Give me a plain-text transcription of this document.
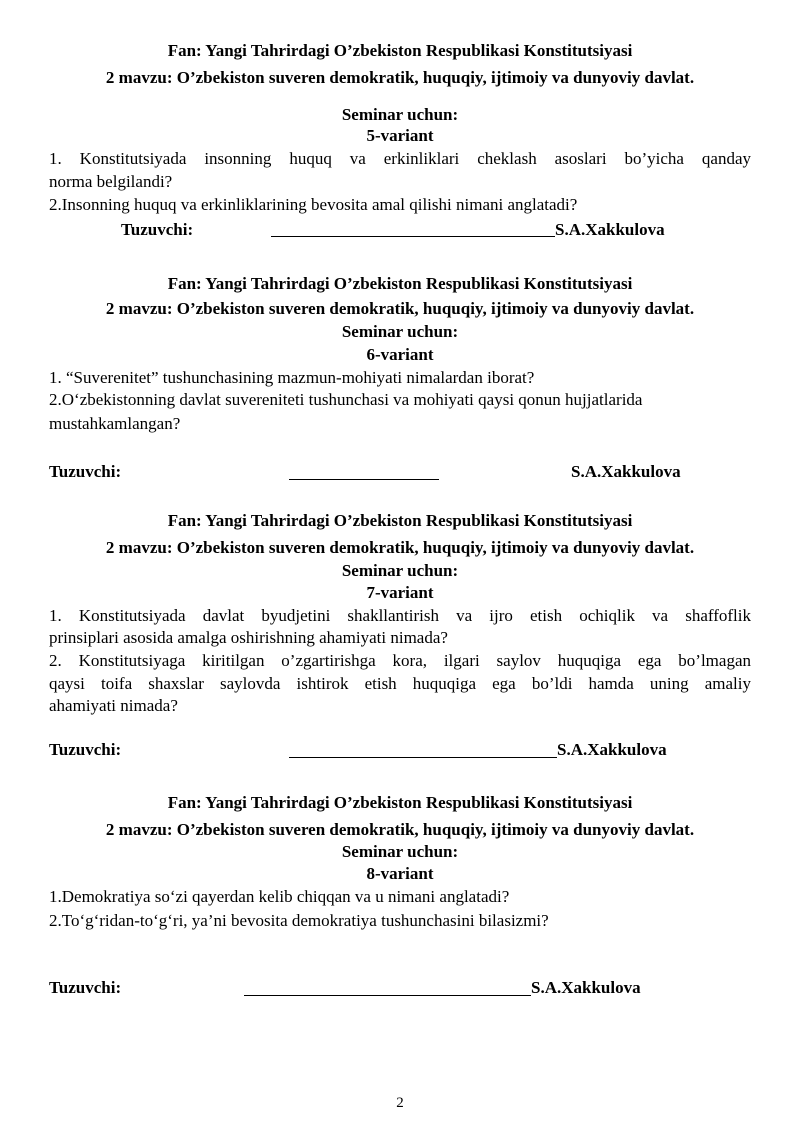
Fan: Yangi Tahrirdagi O’zbekiston Respublikasi Konstitutsiyasi
2 mavzu: O’zbekiston suveren demokratik, huquqiy, ijtimoiy va dunyoviy davlat.
Seminar uchun:
5-variant
1. Konstitutsiyada insonning huquq va erkinliklari cheklash asoslari bo’yicha qanday
norma belgilandi?
2.Insonning huquq va erkinliklarining bevosita amal qilishi nimani anglatadi?
Tuzuvchi:	S.A.Xakkulova
Fan: Yangi Tahrirdagi O’zbekiston Respublikasi Konstitutsiyasi
2 mavzu: O’zbekiston suveren demokratik, huquqiy, ijtimoiy va dunyoviy davlat.
Seminar uchun:
6-variant
1. “Suverenitet” tushunchasining mazmun-mohiyati nimalardan iborat?
2.O‘zbekistonning davlat suvereniteti tushunchasi va mohiyati qaysi qonun hujjatlarida
mustahkamlangan?
Tuzuvchi:	S.A.Xakkulova
Fan: Yangi Tahrirdagi O’zbekiston Respublikasi Konstitutsiyasi
2 mavzu: O’zbekiston suveren demokratik, huquqiy, ijtimoiy va dunyoviy davlat.
Seminar uchun:
7-variant
1. Konstitutsiyada davlat byudjetini shakllantirish va ijro etish ochiqlik va shaffoflik
prinsiplari asosida amalga oshirishning ahamiyati nimada?
2. Konstitutsiyaga kiritilgan o’zgartirishga kora, ilgari saylov huquqiga ega bo’lmagan
qaysi toifa shaxslar saylovda ishtirok etish huquqiga ega bo’ldi hamda uning amaliy
ahamiyati nimada?
Tuzuvchi:	S.A.Xakkulova
Fan: Yangi Tahrirdagi O’zbekiston Respublikasi Konstitutsiyasi
2 mavzu: O’zbekiston suveren demokratik, huquqiy, ijtimoiy va dunyoviy davlat.
Seminar uchun:
8-variant
1.Demokratiya so‘zi qayerdan kelib chiqqan va u nimani anglatadi?
2.To‘g‘ridan-to‘g‘ri, ya’ni bevosita demokratiya tushunchasini bilasizmi?
Tuzuvchi:	S.A.Xakkulova
2
